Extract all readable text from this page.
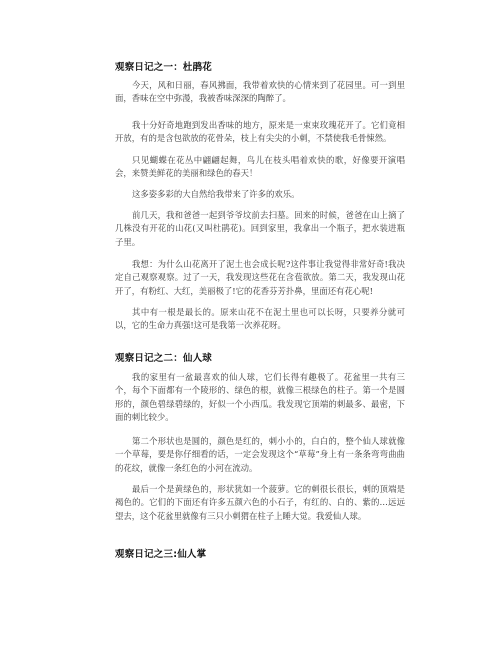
观察日记之一：杜鹃花
今天，风和日丽，春风拂面，我带着欢快的心情来到了花园里。可一到里面，香味在空中弥漫，我被香味深深的陶醉了。
我十分好奇地跑到发出香味的地方，原来是一束束玫瑰花开了。它们竟相开放，有的是含包欲放的花骨朵，枝上有尖尖的小刺，不禁使我毛骨悚然。
只见蝴蝶在花丛中翩翩起舞，鸟儿在枝头唱着欢快的歌，好像要开演唱会，来赞美鲜花的美丽和绿色的春天！
这多姿多彩的大自然给我带来了许多的欢乐。
前几天，我和爸爸一起到爷爷坟前去扫墓。回来的时候，爸爸在山上摘了几株没有开花的山花(又叫杜鹃花)。回到家里，我拿出一个瓶子，把水装进瓶子里。
我想：为什么山花离开了泥土也会成长呢?这件事让我觉得非常好奇!我决定自己观察观察。过了一天，我发现这些花在含苞欲放。第二天，我发现山花开了，有粉红、大红，美丽极了!它的花香芬芳扑鼻，里面还有花心呢!
其中有一根是最长的。原来山花不在泥土里也可以长呀，只要养分就可以，它的生命力真强!这可是我第一次养花呀。
观察日记之二：仙人球
我的家里有一盆最喜欢的仙人球，它们长得有趣极了。花盆里一共有三个，每个下面都有一个陵形的、绿色的根，就像三根绿色的柱子。第一个是圆形的，颜色碧绿碧绿的，好似一个小西瓜。我发现它顶端的刺最多、最密，下面的刺比较少。
第二个形状也是圆的，颜色是红的，刺小小的，白白的，整个仙人球就像一个草莓，要是你仔细看的话，一定会发现这个“草莓”身上有一条条弯弯曲曲的花纹，就像一条红色的小河在流动。
最后一个是黄绿色的，形状犹如一个菠萝。它的刺很长很长，刺的顶端是褐色的。它们的下面还有许多五颜六色的小石子，有红的、白的、紫的…远远望去，这个花盆里就像有三只小刺猬在柱子上睡大觉。我爱仙人球。
观察日记之三:仙人掌
